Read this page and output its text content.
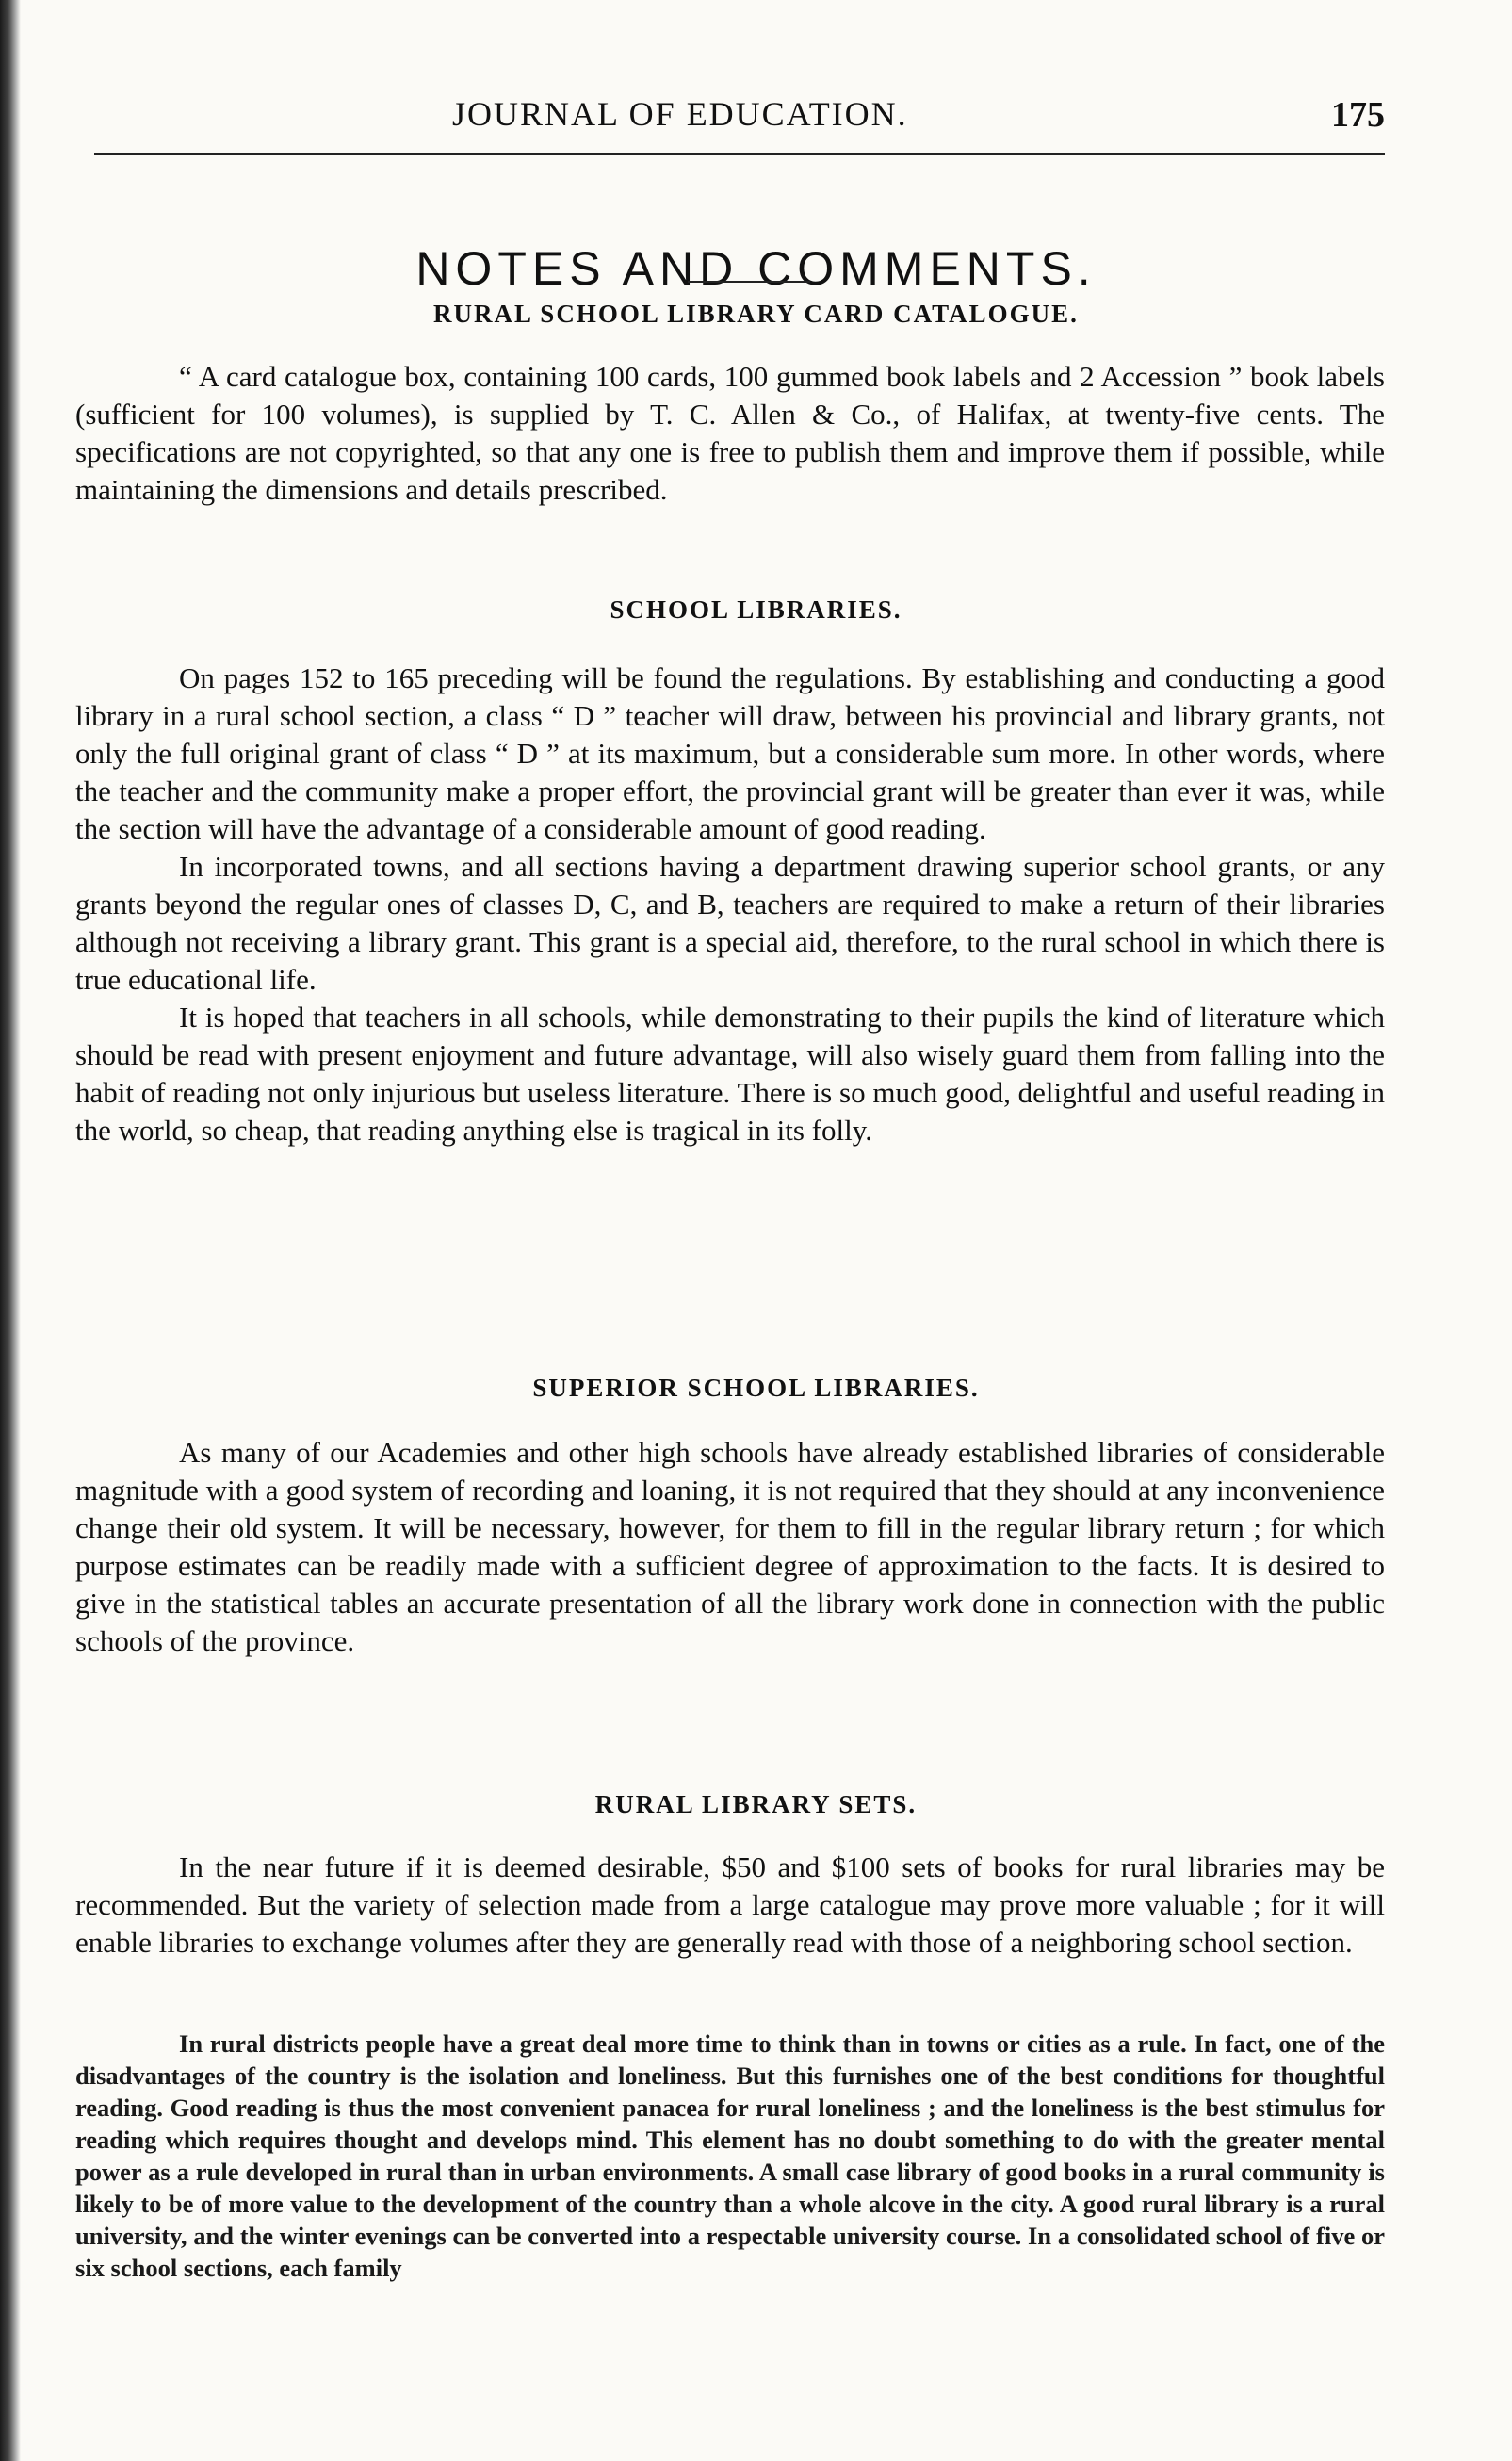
JOURNAL OF EDUCATION.	175
NOTES AND COMMENTS.
RURAL SCHOOL LIBRARY CARD CATALOGUE.

“ A card catalogue box, containing 100 cards, 100 gummed book labels and 2 Accession ” book labels (sufficient for 100 volumes), is supplied by T. C. Allen & Co., of Halifax, at twenty-five cents. The specifications are not copyrighted, so that any one is free to publish them and improve them if possible, while maintaining the dimensions and details prescribed.

SCHOOL LIBRARIES.

On pages 152 to 165 preceding will be found the regulations. By establishing and conducting a good library in a rural school section, a class “ D ” teacher will draw, between his provincial and library grants, not only the full original grant of class “ D ” at its maximum, but a considerable sum more. In other words, where the teacher and the community make a proper effort, the provincial grant will be greater than ever it was, while the section will have the advantage of a considerable amount of good reading.

In incorporated towns, and all sections having a department drawing superior school grants, or any grants beyond the regular ones of classes D, C, and B, teachers are required to make a return of their libraries although not receiving a library grant. This grant is a special aid, therefore, to the rural school in which there is true educational life.

It is hoped that teachers in all schools, while demonstrating to their pupils the kind of literature which should be read with present enjoyment and future advantage, will also wisely guard them from falling into the habit of reading not only injurious but useless literature. There is so much good, delightful and useful reading in the world, so cheap, that reading anything else is tragical in its folly.

SUPERIOR SCHOOL LIBRARIES.

As many of our Academies and other high schools have already established libraries of considerable magnitude with a good system of recording and loaning, it is not required that they should at any inconvenience change their old system. It will be necessary, however, for them to fill in the regular library return ; for which purpose estimates can be readily made with a sufficient degree of approximation to the facts. It is desired to give in the statistical tables an accurate presentation of all the library work done in connection with the public schools of the province.

RURAL LIBRARY SETS.

In the near future if it is deemed desirable, $50 and $100 sets of books for rural libraries may be recommended. But the variety of selection made from a large catalogue may prove more valuable ; for it will enable libraries to exchange volumes after they are generally read with those of a neighboring school section.

In rural districts people have a great deal more time to think than in towns or cities as a rule. In fact, one of the disadvantages of the country is the isolation and loneliness. But this furnishes one of the best conditions for thoughtful reading. Good reading is thus the most convenient panacea for rural loneliness ; and the loneliness is the best stimulus for reading which requires thought and develops mind. This element has no doubt something to do with the greater mental power as a rule developed in rural than in urban environments. A small case library of good books in a rural community is likely to be of more value to the development of the country than a whole alcove in the city. A good rural library is a rural university, and the winter evenings can be converted into a respectable university course. In a consolidated school of five or six school sections, each family
